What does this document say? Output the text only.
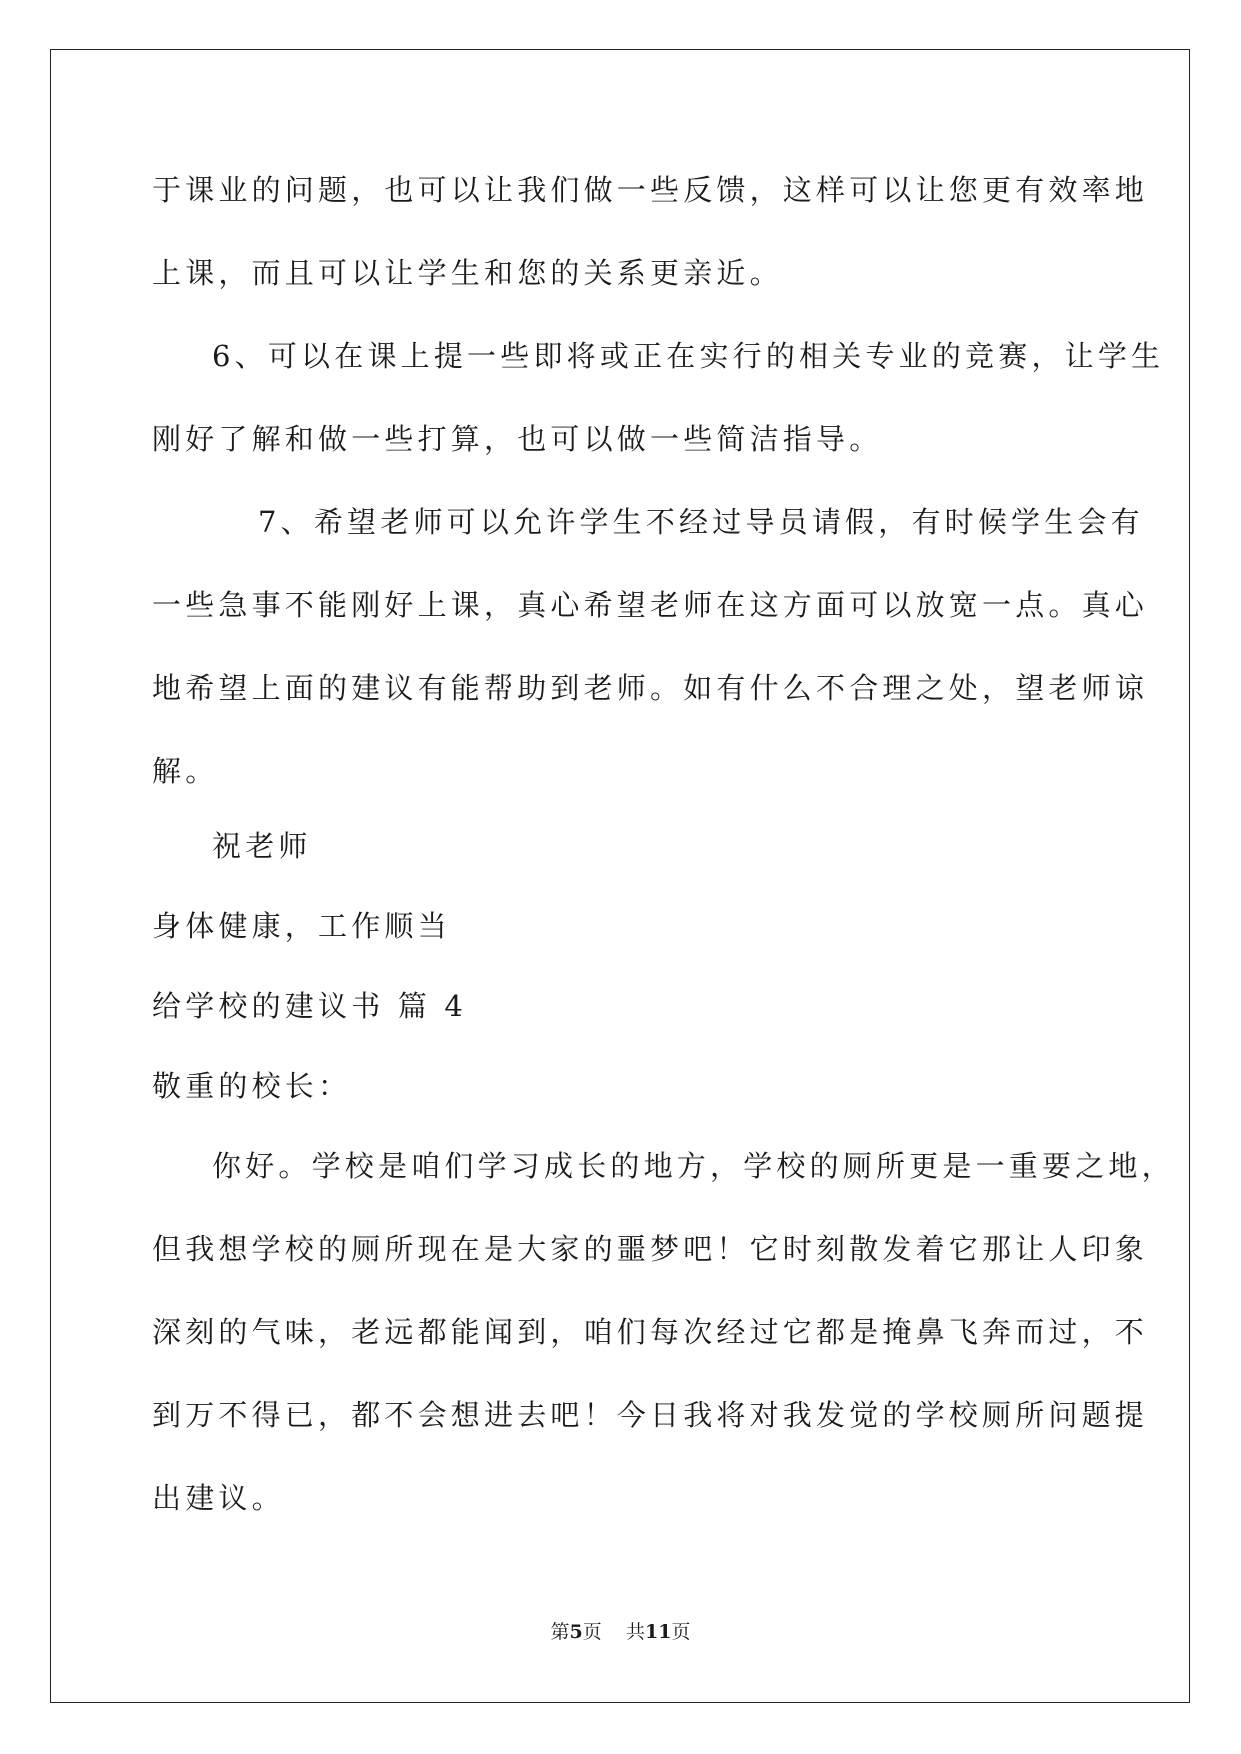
于课业的问题，也可以让我们做一些反馈，这样可以让您更有效率地
上课，而且可以让学生和您的关系更亲近。
6、可以在课上提一些即将或正在实行的相关专业的竞赛，让学生
刚好了解和做一些打算，也可以做一些简洁指导。
7、希望老师可以允许学生不经过导员请假，有时候学生会有
一些急事不能刚好上课，真心希望老师在这方面可以放宽一点。真心
地希望上面的建议有能帮助到老师。如有什么不合理之处，望老师谅
解。
祝老师
身体健康，工作顺当
给学校的建议书 篇 4
敬重的校长：
你好。学校是咱们学习成长的地方，学校的厕所更是一重要之地，
但我想学校的厕所现在是大家的噩梦吧！它时刻散发着它那让人印象
深刻的气味，老远都能闻到，咱们每次经过它都是掩鼻飞奔而过，不
到万不得已，都不会想进去吧！今日我将对我发觉的学校厕所问题提
出建议。
第5页 共11页
